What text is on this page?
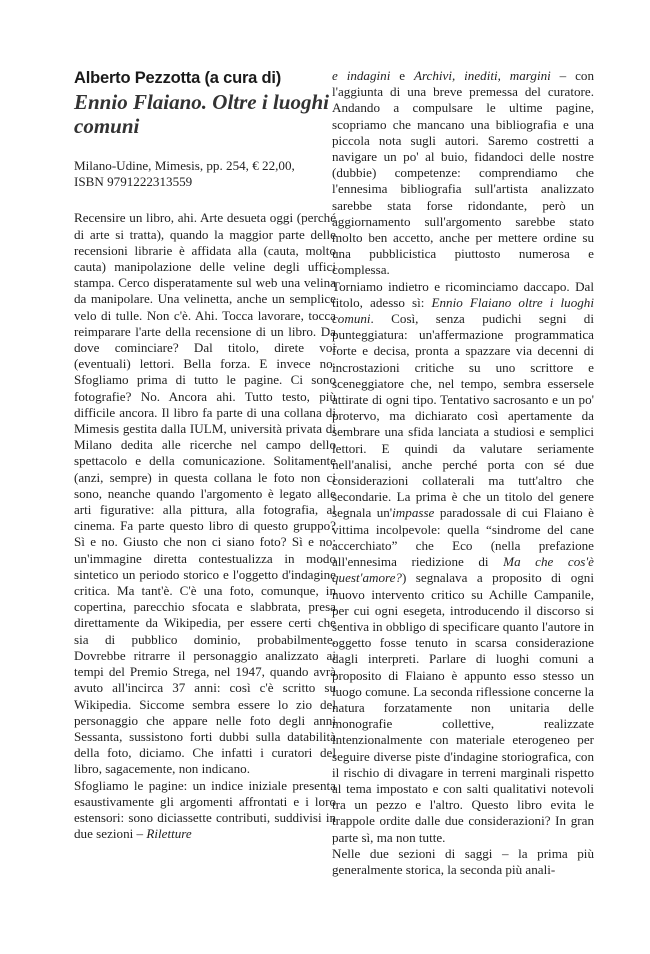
Alberto Pezzotta (a cura di)
Ennio Flaiano. Oltre i luoghi comuni
Milano-Udine, Mimesis, pp. 254, € 22,00,
ISBN 9791222313559

Recensire un libro, ahi. Arte desueta oggi (perché di arte si tratta), quando la maggior parte delle recensioni librarie è affidata alla (cauta, molto cauta) manipolazione delle veline degli uffici stampa. Cerco disperatamente sul web una velina da manipolare. Una velinetta, anche un semplice velo di tulle. Non c'è. Ahi. Tocca lavorare, tocca reimparare l'arte della recensione di un libro. Da dove cominciare? Dal titolo, direte voi (eventuali) lettori. Bella forza. E invece no. Sfogliamo prima di tutto le pagine. Ci sono fotografie? No. Ancora ahi. Tutto testo, più difficile ancora. Il libro fa parte di una collana di Mimesis gestita dalla IULM, università privata di Milano dedita alle ricerche nel campo dello spettacolo e della comunicazione. Solitamente (anzi, sempre) in questa collana le foto non ci sono, neanche quando l'argomento è legato alle arti figurative: alla pittura, alla fotografia, al cinema. Fa parte questo libro di questo gruppo? Sì e no. Giusto che non ci siano foto? Sì e no: un'immagine diretta contestualizza in modo sintetico un periodo storico e l'oggetto d'indagine critica. Ma tant'è. C'è una foto, comunque, in copertina, parecchio sfocata e slabbrata, presa direttamente da Wikipedia, per essere certi che sia di pubblico dominio, probabilmente. Dovrebbe ritrarre il personaggio analizzato ai tempi del Premio Strega, nel 1947, quando avrà avuto all'incirca 37 anni: così c'è scritto su Wikipedia. Siccome sembra essere lo zio del personaggio che appare nelle foto degli anni Sessanta, sussistono forti dubbi sulla databilità della foto, diciamo. Che infatti i curatori del libro, sagacemente, non indicano.

Sfogliamo le pagine: un indice iniziale presenta esaustivamente gli argomenti affrontati e i loro estensori: sono diciassette contributi, suddivisi in due sezioni – Riletture

e indagini e Archivi, inediti, margini – con l'aggiunta di una breve premessa del curatore. Andando a compulsare le ultime pagine, scopriamo che mancano una bibliografia e una piccola nota sugli autori. Saremo costretti a navigare un po' al buio, fidandoci delle nostre (dubbie) competenze: comprendiamo che l'ennesima bibliografia sull'artista analizzato sarebbe stata forse ridondante, però un aggiornamento sull'argomento sarebbe stato molto ben accetto, anche per mettere ordine su una pubblicistica piuttosto numerosa e complessa.

Torniamo indietro e ricominciamo daccapo. Dal titolo, adesso sì: Ennio Flaiano oltre i luoghi comuni. Così, senza pudichi segni di punteggiatura: un'affermazione programmatica forte e decisa, pronta a spazzare via decenni di incrostazioni critiche su uno scrittore e sceneggiatore che, nel tempo, sembra essersele attirate di ogni tipo. Tentativo sacrosanto e un po' protervo, ma dichiarato così apertamente da sembrare una sfida lanciata a studiosi e semplici lettori. E quindi da valutare seriamente nell'analisi, anche perché porta con sé due considerazioni collaterali ma tutt'altro che secondarie. La prima è che un titolo del genere segnala un'impasse paradossale di cui Flaiano è vittima incolpevole: quella “sindrome del cane accerchiato” che Eco (nella prefazione all'ennesima riedizione di Ma che cos'è quest'amore?) segnalava a proposito di ogni nuovo intervento critico su Achille Campanile, per cui ogni esegeta, introducendo il discorso si sentiva in obbligo di specificare quanto l'autore in oggetto fosse tenuto in scarsa considerazione dagli interpreti. Parlare di luoghi comuni a proposito di Flaiano è appunto esso stesso un luogo comune. La seconda riflessione concerne la natura forzatamente non unitaria delle monografie collettive, realizzate intenzionalmente con materiale eterogeneo per seguire diverse piste d'indagine storiografica, con il rischio di divagare in terreni marginali rispetto al tema impostato e con salti qualitativi notevoli tra un pezzo e l'altro. Questo libro evita le trappole ordite dalle due considerazioni? In gran parte sì, ma non tutte.

Nelle due sezioni di saggi – la prima più generalmente storica, la seconda più anali-
